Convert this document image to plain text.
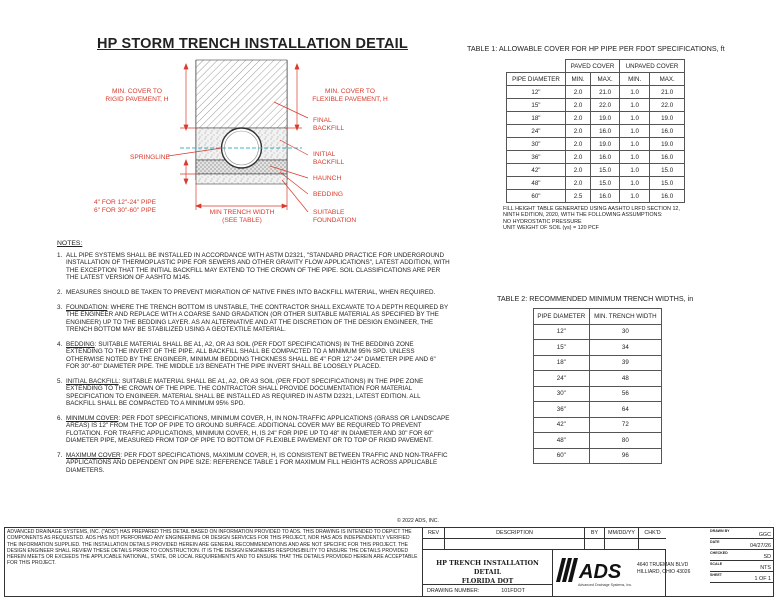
HP STORM TRENCH INSTALLATION DETAIL
MIN. COVER TO
RIGID PAVEMENT, H
MIN. COVER TO
FLEXIBLE PAVEMENT, H
FINAL
BACKFILL
SPRINGLINE	INITIAL
BACKFILL
HAUNCH
BEDDING
4" FOR 12"-24" PIPE
6" FOR 30"-60" PIPE	MIN TRENCH WIDTH
(SEE TABLE)
SUITABLE
FOUNDATION
TABLE 1: ALLOWABLE COVER FOR HP PIPE PER FDOT SPECIFICATIONS, ft
	PAVED COVER		UNPAVED COVER	
PIPE DIAMETER	MIN.	MAX.	MIN.	MAX.
12"	2.0	21.0	1.0	21.0
15"	2.0	22.0	1.0	22.0
18"	2.0	19.0	1.0	19.0
24"	2.0	16.0	1.0	16.0
30"	2.0	19.0	1.0	19.0
36"	2.0	16.0	1.0	16.0
42"	2.0	15.0	1.0	15.0
48"	2.0	15.0	1.0	15.0
60"	2.5	16.0	1.0	16.0
FILL HEIGHT TABLE GENERATED USING AASHTO LRFD SECTION 12,
NINTH EDITION, 2020, WITH THE FOLLOWING ASSUMPTIONS:
NO HYDROSTATIC PRESSURE
UNIT WEIGHT OF SOIL (γs) = 120 PCF
TABLE 2: RECOMMENDED MINIMUM TRENCH WIDTHS, in
PIPE DIAMETER	MIN. TRENCH WIDTH
12"	30
15"	34
18"	39
24"	48
30"	56
36"	64
42"	72
48"	80
60"	96
NOTES:
1. ALL PIPE SYSTEMS SHALL BE INSTALLED IN ACCORDANCE WITH ASTM D2321, "STANDARD PRACTICE FOR UNDERGROUND INSTALLATION OF THERMOPLASTIC PIPE FOR SEWERS AND OTHER GRAVITY FLOW APPLICATIONS", LATEST ADDITION, WITH THE EXCEPTION THAT THE INITIAL BACKFILL MAY EXTEND TO THE CROWN OF THE PIPE. SOIL CLASSIFICATIONS ARE PER THE LATEST VERSION OF AASHTO M145.
2. MEASURES SHOULD BE TAKEN TO PREVENT MIGRATION OF NATIVE FINES INTO BACKFILL MATERIAL, WHEN REQUIRED.
3. FOUNDATION: WHERE THE TRENCH BOTTOM IS UNSTABLE, THE CONTRACTOR SHALL EXCAVATE TO A DEPTH REQUIRED BY THE ENGINEER AND REPLACE WITH A COARSE SAND GRADATION (OR OTHER SUITABLE MATERIAL AS SPECIFIED BY THE ENGINEER) UP TO THE BEDDING LAYER. AS AN ALTERNATIVE AND AT THE DISCRETION OF THE DESIGN ENGINEER, THE TRENCH BOTTOM MAY BE STABILIZED USING A GEOTEXTILE MATERIAL.
4. BEDDING: SUITABLE MATERIAL SHALL BE A1, A2, OR A3 SOIL (PER FDOT SPECIFICATIONS) IN THE BEDDING ZONE EXTENDING TO THE INVERT OF THE PIPE. ALL BACKFILL SHALL BE COMPACTED TO A MINIMUM 95% SPD. UNLESS OTHERWISE NOTED BY THE ENGINEER, MINIMUM BEDDING THICKNESS SHALL BE 4" FOR 12"-24" DIAMETER PIPE AND 6" FOR 30"-60" DIAMETER PIPE. THE MIDDLE 1/3 BENEATH THE PIPE INVERT SHALL BE LOOSELY PLACED.
5. INITIAL BACKFILL: SUITABLE MATERIAL SHALL BE A1, A2, OR A3 SOIL (PER FDOT SPECIFICATIONS) IN THE PIPE ZONE EXTENDING TO THE CROWN OF THE PIPE. THE CONTRACTOR SHALL PROVIDE DOCUMENTATION FOR MATERIAL SPECIFICATION TO ENGINEER. MATERIAL SHALL BE INSTALLED AS REQUIRED IN ASTM D2321, LATEST EDITION. ALL BACKFILL SHALL BE COMPACTED TO A MINIMUM 95% SPD.
6. MINIMUM COVER: PER FDOT SPECIFICATIONS, MINIMUM COVER, H, IN NON-TRAFFIC APPLICATIONS (GRASS OR LANDSCAPE AREAS) IS 12" FROM THE TOP OF PIPE TO GROUND SURFACE. ADDITIONAL COVER MAY BE REQUIRED TO PREVENT FLOTATION. FOR TRAFFIC APPLICATIONS, MINIMUM COVER, H, IS 24" FOR PIPE UP TO 48" IN DIAMETER AND 30" FOR 60" DIAMETER PIPE, MEASURED FROM TOP OF PIPE TO BOTTOM OF FLEXIBLE PAVEMENT OR TO TOP OF RIGID PAVEMENT.
7. MAXIMUM COVER: PER FDOT SPECIFICATIONS, MAXIMUM COVER, H, IS CONSISTENT BETWEEN TRAFFIC AND NON-TRAFFIC APPLICATIONS AND DEPENDENT ON PIPE SIZE: REFERENCE TABLE 1 FOR MAXIMUM FILL HEIGHTS ACROSS APPLICABLE DIAMETERS.
© 2022 ADS, INC.
ADVANCED DRAINAGE SYSTEMS, INC. ("ADS") HAS PREPARED THIS DETAIL BASED ON INFORMATION PROVIDED TO ADS. THIS DRAWING IS INTENDED TO DEPICT THE COMPONENTS AS REQUESTED. ADS HAS NOT PERFORMED ANY ENGINEERING OR DESIGN SERVICES FOR THIS PROJECT, NOR HAS ADS INDEPENDENTLY VERIFIED THE INFORMATION SUPPLIED. THE INSTALLATION DETAILS PROVIDED HEREIN ARE GENERAL RECOMMENDATIONS AND ARE NOT SPECIFIC FOR THIS PROJECT. THE DESIGN ENGINEER SHALL REVIEW THESE DETAILS PRIOR TO CONSTRUCTION. IT IS THE DESIGN ENGINEERS RESPONSIBILITY TO ENSURE THE DETAILS PROVIDED HEREIN MEETS OR EXCEEDS THE APPLICABLE NATIONAL, STATE, OR LOCAL REQUIREMENTS AND TO ENSURE THAT THE DETAILS PROVIDED HEREIN ARE ACCEPTABLE FOR THIS PROJECT.
REV	DESCRIPTION	BY	MM/DD/YY	CHK'D
HP TRENCH INSTALLATION DETAIL
FLORIDA DOT
DRAWING NUMBER:	101FDOT
ADS
Advanced Drainage Systems, Inc.
4640 TRUEMAN BLVD
HILLIARD, OHIO 43026
DRAWN BY
GGC
DATE
04/27/26
CHECKED
SD
SCALE
NTS
SHEET
1 OF 1
